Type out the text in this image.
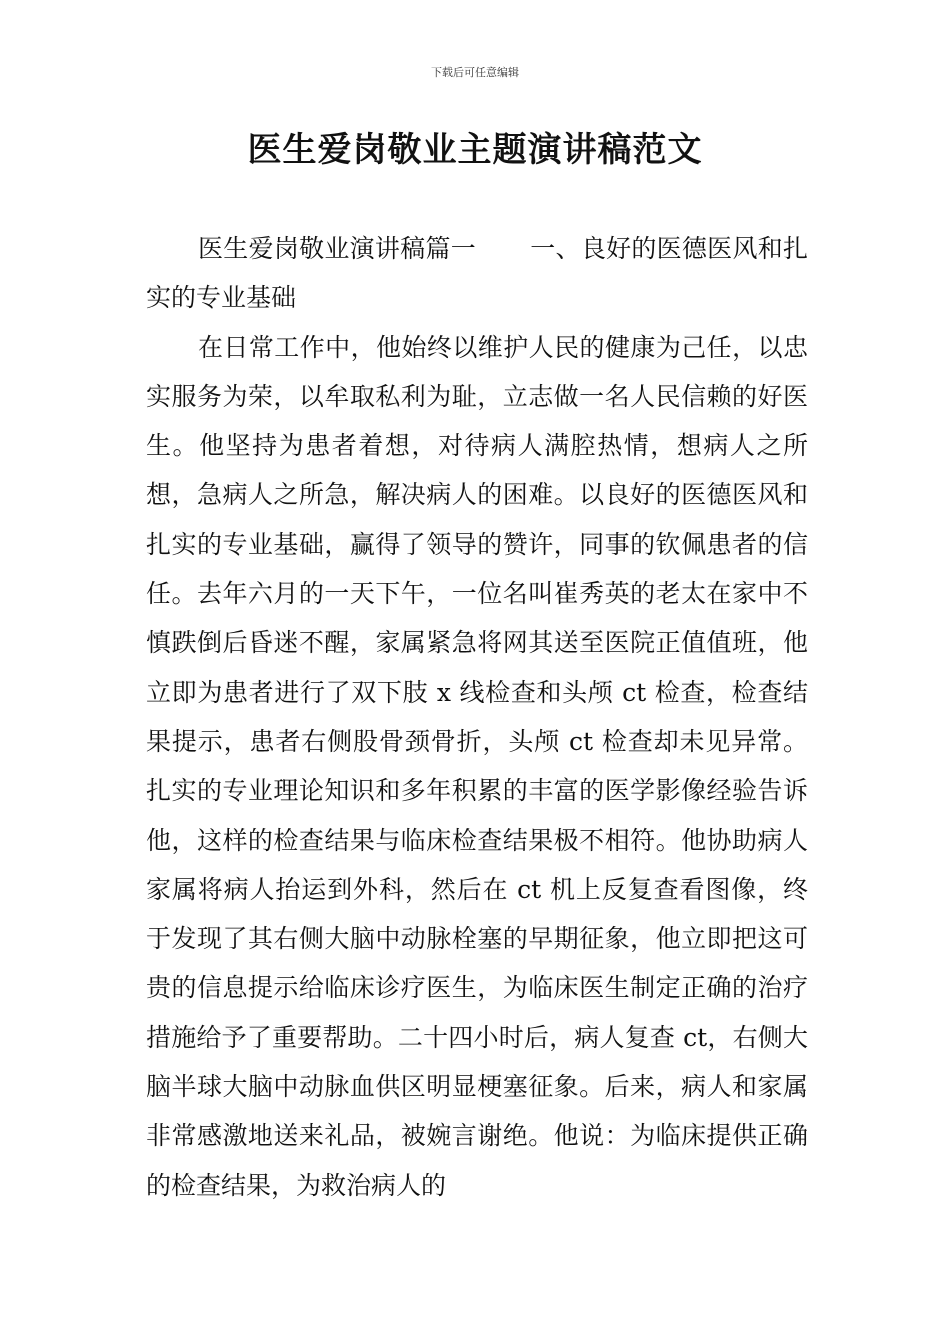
下载后可任意编辑
医生爱岗敬业主题演讲稿范文

医生爱岗敬业演讲稿篇一 一、良好的医德医风和扎实的专业基础

在日常工作中，他始终以维护人民的健康为己任，以忠实服务为荣，以牟取私利为耻，立志做一名人民信赖的好医生。他坚持为患者着想，对待病人满腔热情，想病人之所想，急病人之所急，解决病人的困难。以良好的医德医风和扎实的专业基础，赢得了领导的赞许，同事的钦佩患者的信任。去年六月的一天下午，一位名叫崔秀英的老太在家中不慎跌倒后昏迷不醒，家属紧急将网其送至医院正值值班，他立即为患者进行了双下肢 x 线检查和头颅 ct 检查，检查结果提示，患者右侧股骨颈骨折，头颅 ct 检查却未见异常。扎实的专业理论知识和多年积累的丰富的医学影像经验告诉他，这样的检查结果与临床检查结果极不相符。他协助病人家属将病人抬运到外科，然后在 ct 机上反复查看图像，终于发现了其右侧大脑中动脉栓塞的早期征象，他立即把这可贵的信息提示给临床诊疗医生，为临床医生制定正确的治疗措施给予了重要帮助。二十四小时后，病人复查 ct，右侧大脑半球大脑中动脉血供区明显梗塞征象。后来，病人和家属非常感激地送来礼品，被婉言谢绝。他说：为临床提供正确的检查结果，为救治病人的
